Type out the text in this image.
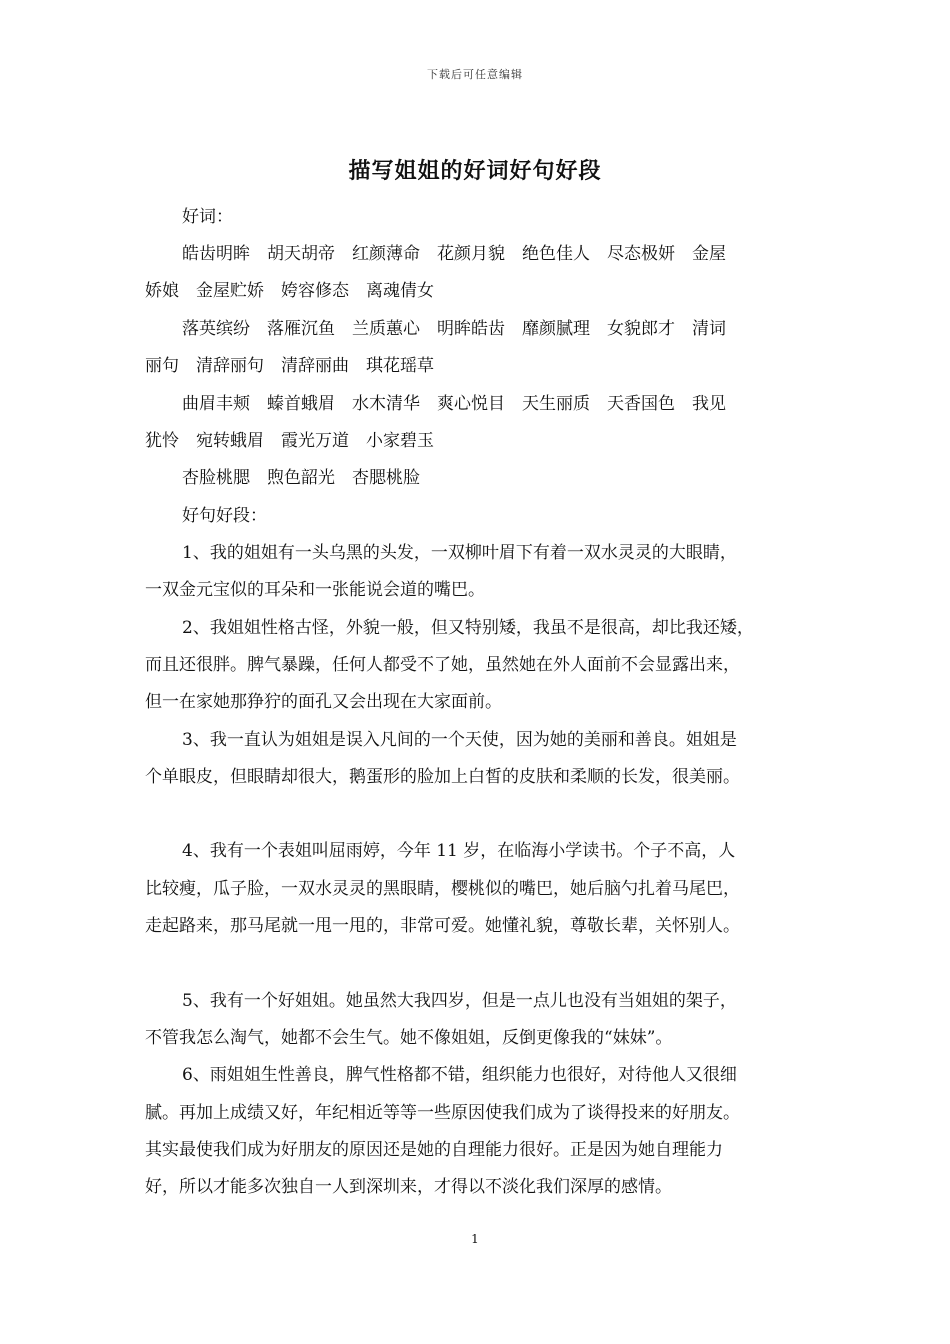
下载后可任意编辑
描写姐姐的好词好句好段
好词：
皓齿明眸　胡天胡帝　红颜薄命　花颜月貌　绝色佳人　尽态极妍　金屋
娇娘　金屋贮娇　姱容修态　离魂倩女
落英缤纷　落雁沉鱼　兰质蕙心　明眸皓齿　靡颜腻理　女貌郎才　清词
丽句　清辞丽句　清辞丽曲　琪花瑶草
曲眉丰颊　螓首蛾眉　水木清华　爽心悦目　天生丽质　天香国色　我见
犹怜　宛转蛾眉　霞光万道　小家碧玉
杏脸桃腮　煦色韶光　杏腮桃脸
好句好段：
1、我的姐姐有一头乌黑的头发，一双柳叶眉下有着一双水灵灵的大眼睛，
一双金元宝似的耳朵和一张能说会道的嘴巴。
2、我姐姐性格古怪，外貌一般，但又特别矮，我虽不是很高，却比我还矮，
而且还很胖。脾气暴躁，任何人都受不了她，虽然她在外人面前不会显露出来，
但一在家她那狰狞的面孔又会出现在大家面前。
3、我一直认为姐姐是误入凡间的一个天使，因为她的美丽和善良。姐姐是
个单眼皮，但眼睛却很大，鹅蛋形的脸加上白皙的皮肤和柔顺的长发，很美丽。
4、我有一个表姐叫屈雨婷，今年 11 岁，在临海小学读书。个子不高，人
比较瘦，瓜子脸，一双水灵灵的黑眼睛，樱桃似的嘴巴，她后脑勺扎着马尾巴，
走起路来，那马尾就一甩一甩的，非常可爱。她懂礼貌，尊敬长辈，关怀别人。
5、我有一个好姐姐。她虽然大我四岁，但是一点儿也没有当姐姐的架子，
不管我怎么淘气，她都不会生气。她不像姐姐，反倒更像我的“妹妹”。
6、雨姐姐生性善良，脾气性格都不错，组织能力也很好，对待他人又很细
腻。再加上成绩又好，年纪相近等等一些原因使我们成为了谈得投来的好朋友。
其实最使我们成为好朋友的原因还是她的自理能力很好。正是因为她自理能力
好，所以才能多次独自一人到深圳来，才得以不淡化我们深厚的感情。
1
